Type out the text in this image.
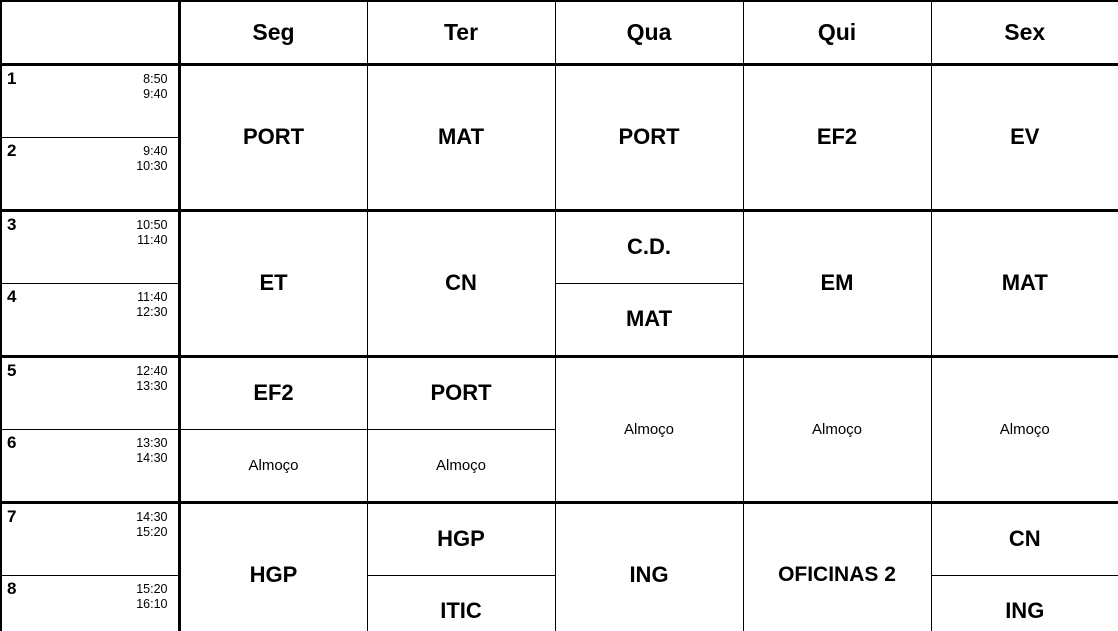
	Seg	Ter	Qua	Qui	Sex

1 8:50
9:40	PORT	MAT	PORT	EF2	EV

2 9:40
10:30					

3 10:50
11:40	ET	CN	C.D.	EM	MAT

4 11:40
12:30			MAT		

5 12:40
13:30	EF2	PORT	Almoço	Almoço	Almoço

6 13:30
14:30	Almoço	Almoço			

7 14:30
15:20	HGP	HGP	ING	OFICINAS 2	CN

8 15:20
16:10		ITIC			ING
